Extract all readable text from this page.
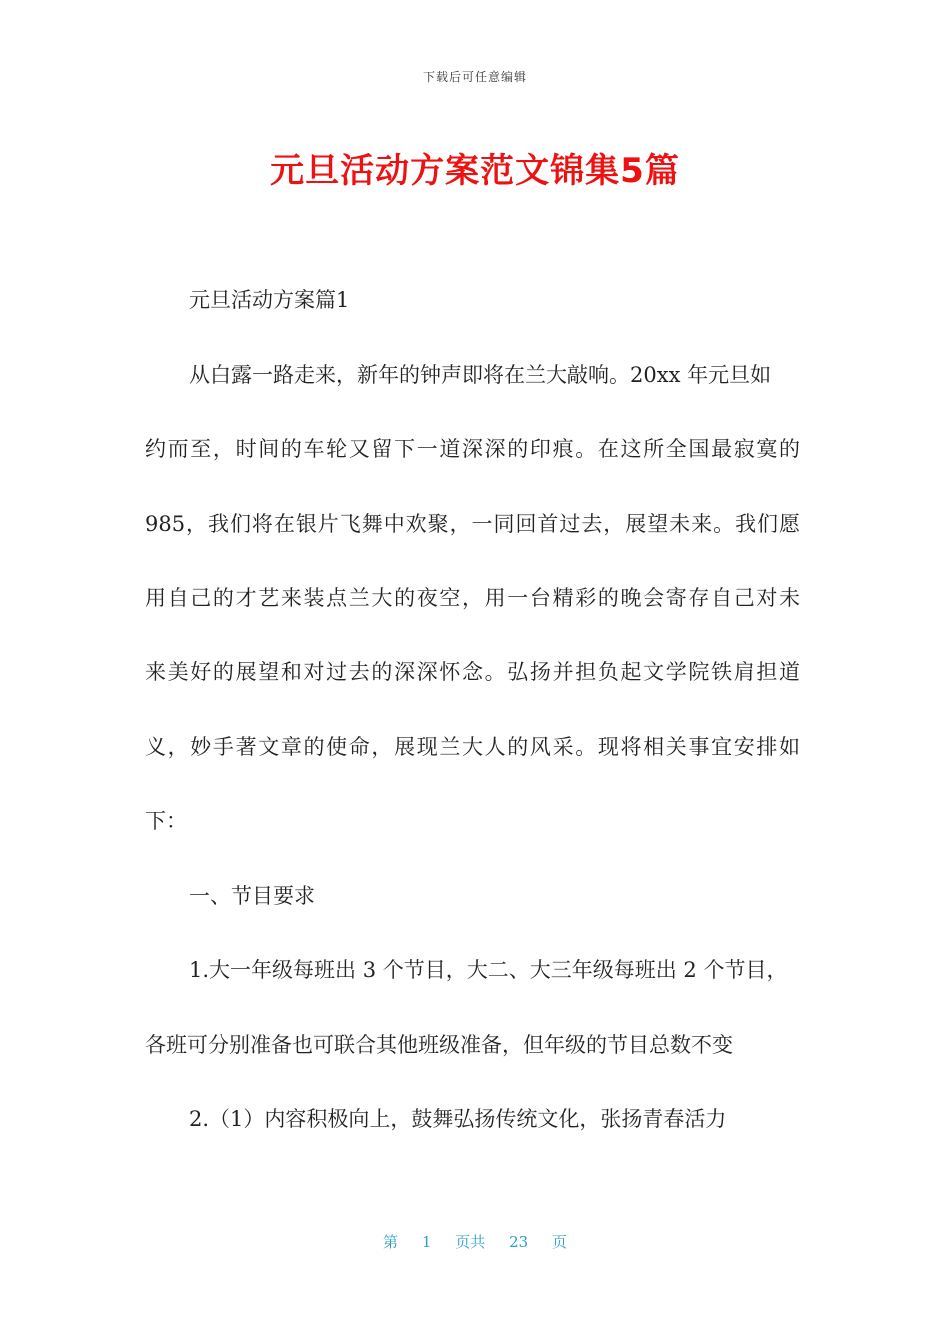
下载后可任意编辑
元旦活动方案范文锦集5篇
元旦活动方案篇1
从白露一路走来，新年的钟声即将在兰大敲响。20xx 年元旦如
约而至，时间的车轮又留下一道深深的印痕。在这所全国最寂寞的
985，我们将在银片飞舞中欢聚，一同回首过去，展望未来。我们愿
用自己的才艺来装点兰大的夜空，用一台精彩的晚会寄存自己对未
来美好的展望和对过去的深深怀念。弘扬并担负起文学院铁肩担道
义，妙手著文章的使命，展现兰大人的风采。现将相关事宜安排如
下：
一、节目要求
1.大一年级每班出 3 个节目，大二、大三年级每班出 2 个节目，
各班可分别准备也可联合其他班级准备，但年级的节目总数不变
2.（1）内容积极向上，鼓舞弘扬传统文化，张扬青春活力
第 1 页共 23 页
